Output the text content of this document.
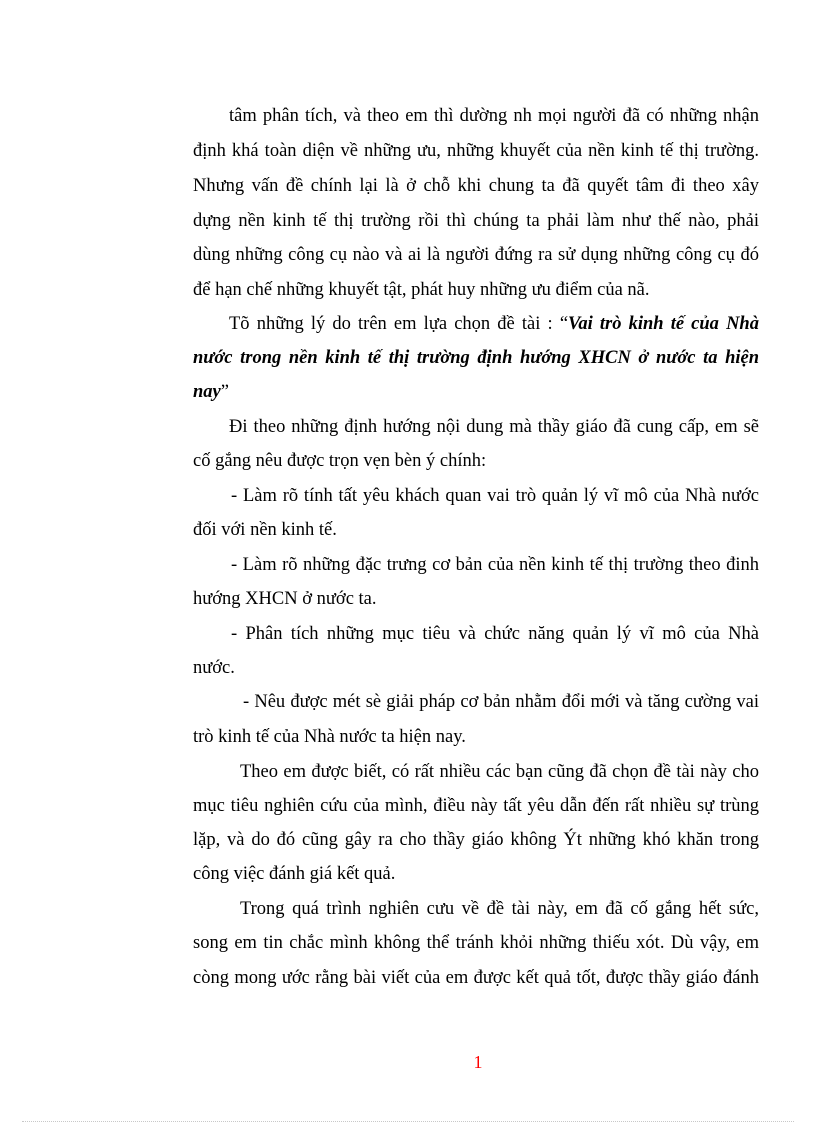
tâm phân tích, và theo em thì dường nh mọi người đã có những nhận
định khá toàn diện về những ưu, những khuyết của nền kinh tế thị trường.
Nhưng vấn đề chính lại là ở chỗ khi chung ta đã quyết tâm đi theo xây
dựng nền kinh tế thị trường rồi thì chúng ta phải làm như thế nào, phải
dùng những công cụ nào và ai là người đứng ra sử dụng những công cụ đó
để hạn chế những khuyết tật, phát huy những ưu điểm của nã.
Tõ những lý do trên em lựa chọn đề tài : “Vai trò kinh tế của Nhà
nước trong nền kinh tế thị trường định hướng XHCN ở nước ta hiện
nay”
Đi theo những định hướng nội dung mà thầy giáo đã cung cấp, em sẽ
cố gắng nêu được trọn vẹn bèn ý chính:
- Làm rõ tính tất yêu khách quan vai trò quản lý vĩ mô của Nhà nước
đối với nền kinh tế.
- Làm rõ những đặc trưng cơ bản của nền kinh tế thị trường theo đinh
hướng XHCN ở nước ta.
- Phân tích những mục tiêu và chức năng quản lý vĩ mô của Nhà
nước.
- Nêu được mét sè giải pháp cơ bản nhằm đổi mới và tăng cường vai
trò kinh tế của Nhà nước ta hiện nay.
Theo em được biết, có rất nhiều các bạn cũng đã chọn đề tài này cho
mục tiêu nghiên cứu của mình, điều này tất yêu dẫn đến rất nhiều sự trùng
lặp, và do đó cũng gây ra cho thầy giáo không Ýt những khó khăn trong
công việc đánh giá kết quả.
Trong quá trình nghiên cưu về đề tài này, em đã cố gắng hết sức,
song em tin chắc mình không thể tránh khỏi những thiếu xót. Dù vậy, em
còng mong ước rằng bài viết của em được kết quả tốt, được thầy giáo đánh
1
